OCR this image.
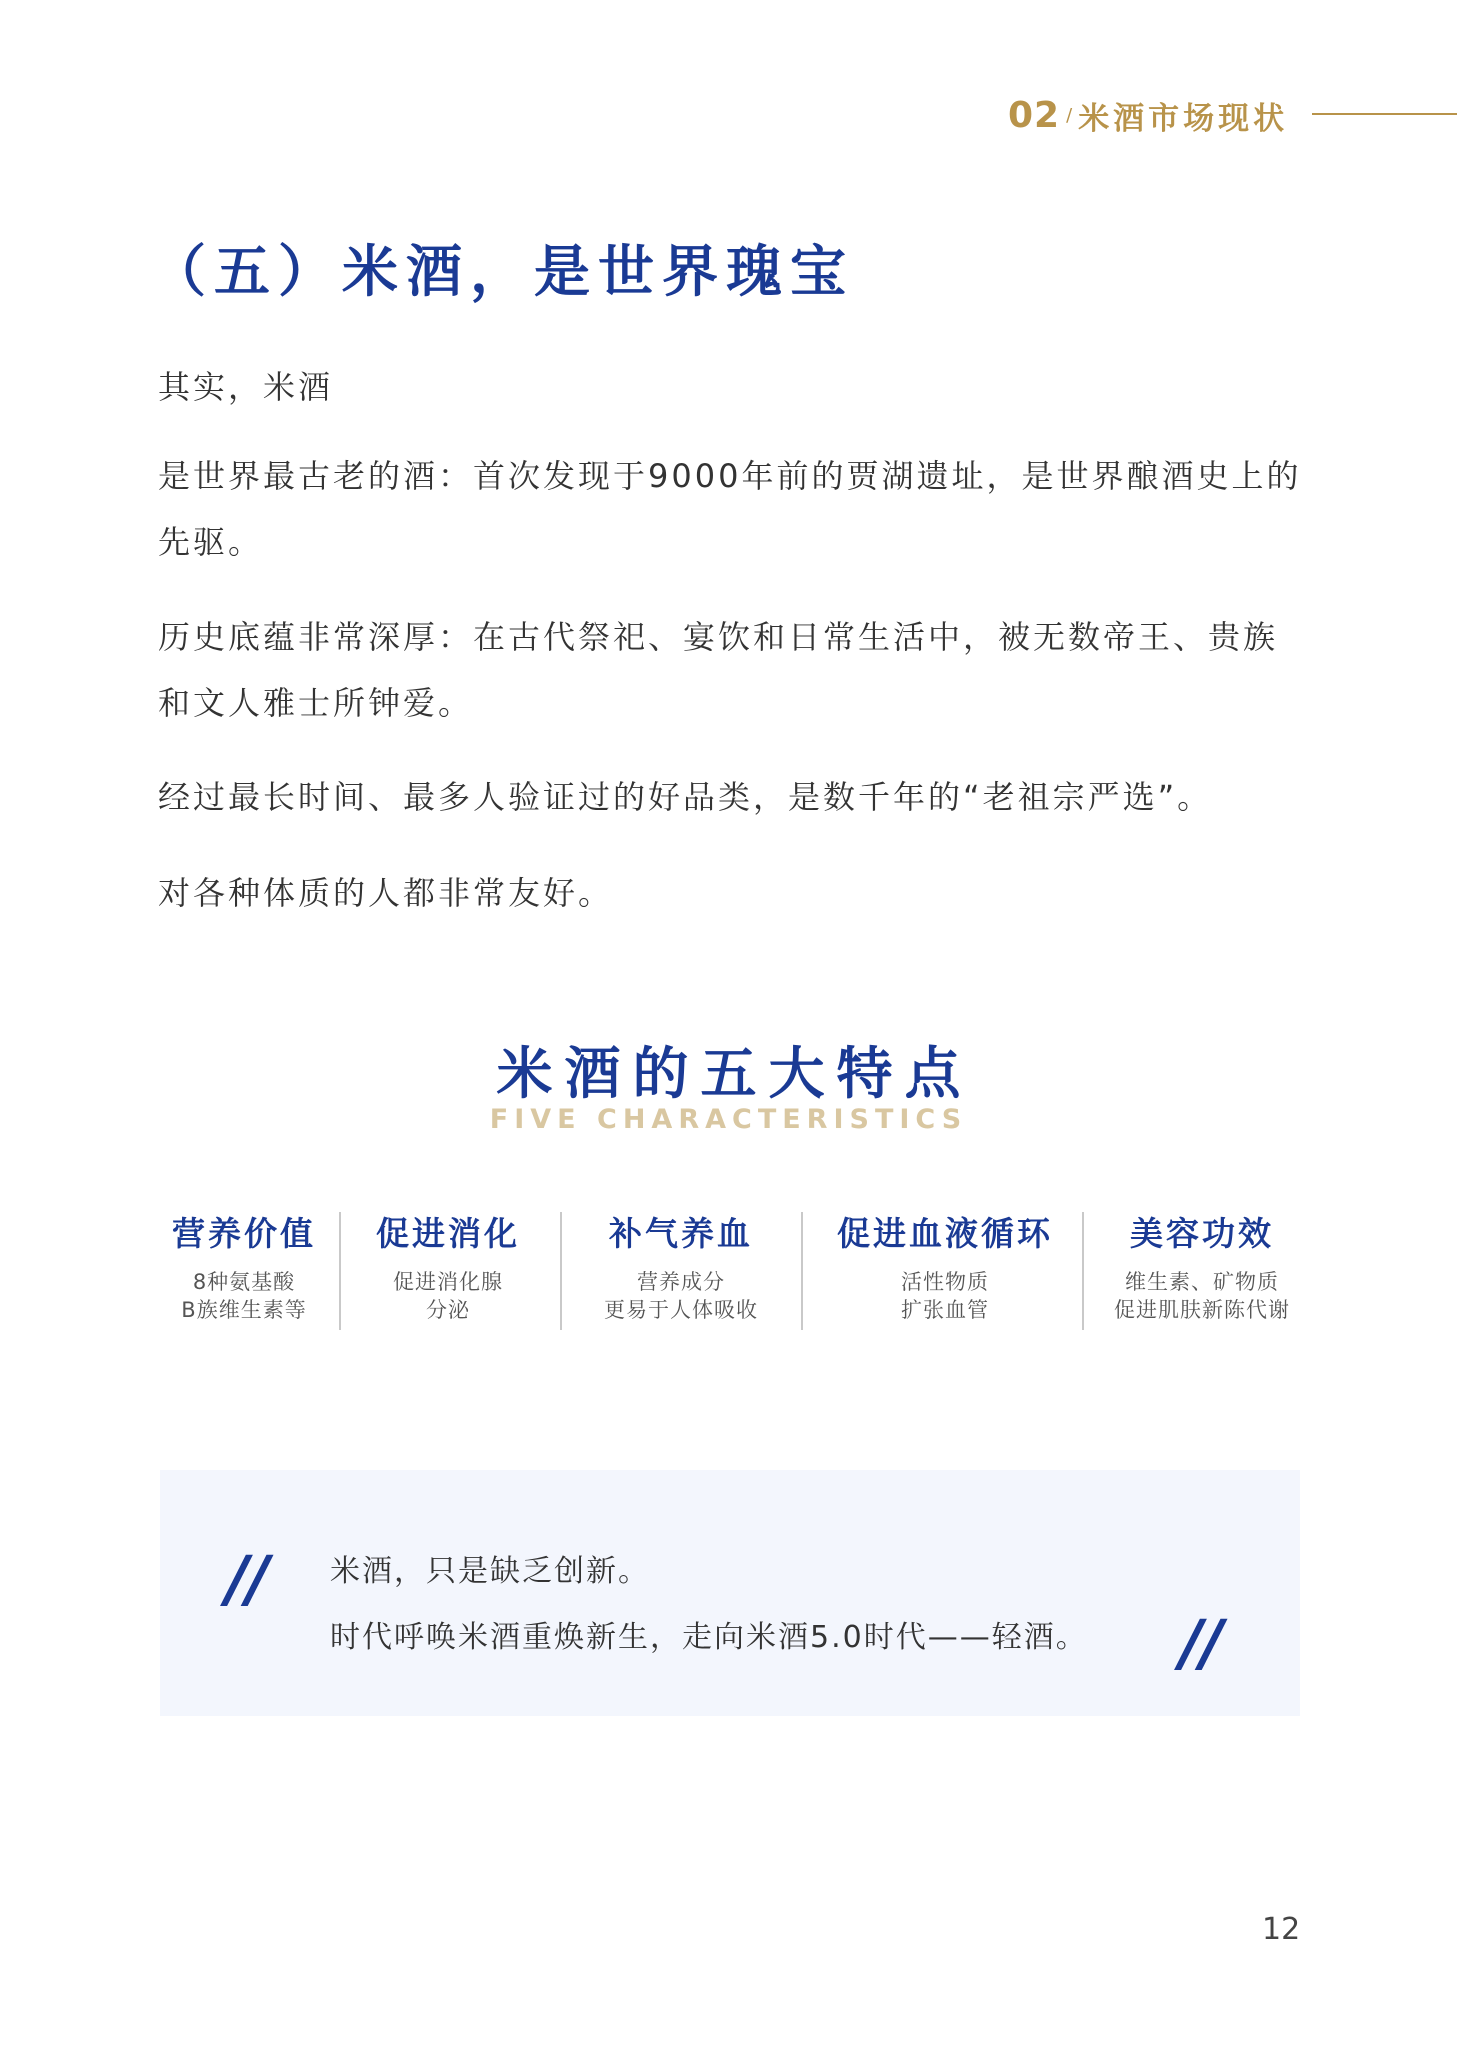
02 / 米酒市场现状
（五）米酒，是世界瑰宝

其实，米酒

是世界最古老的酒：首次发现于9000年前的贾湖遗址，是世界酿酒史上的先驱。

历史底蕴非常深厚：在古代祭祀、宴饮和日常生活中，被无数帝王、贵族和文人雅士所钟爱。

经过最长时间、最多人验证过的好品类，是数千年的“老祖宗严选”。

对各种体质的人都非常友好。

米酒的五大特点
FIVE CHARACTERISTICS
营养价值
8种氨基酸
B族维生素等
促进消化
促进消化腺
分泌
补气养血
营养成分
更易于人体吸收
促进血液循环
活性物质
扩张血管
美容功效
维生素、矿物质
促进肌肤新陈代谢
// 米酒，只是缺乏创新。
时代呼唤米酒重焕新生，走向米酒5.0时代——轻酒。 //
12
